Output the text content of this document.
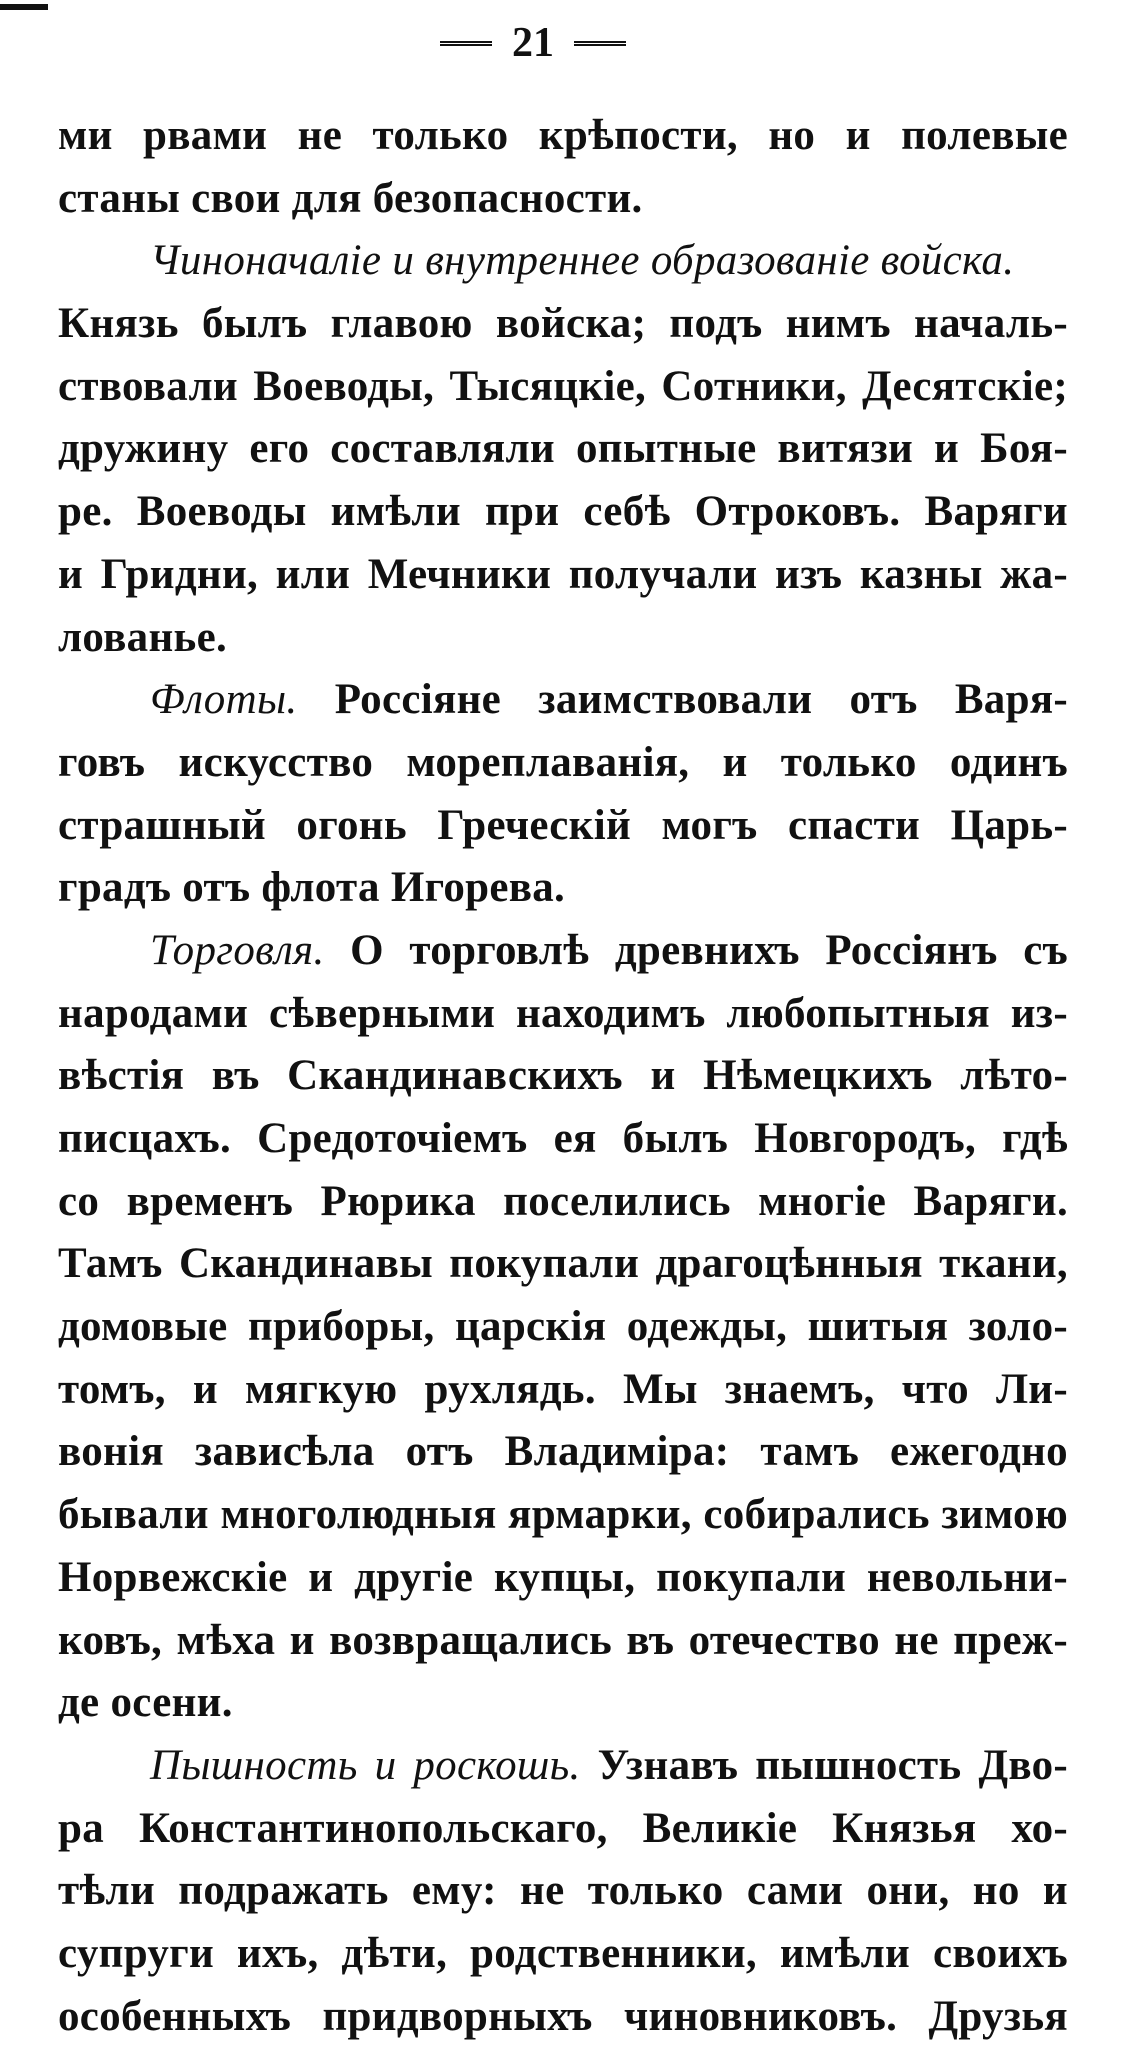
21
ми рвами не только крѣпости, но и полевые
станы свои для безопасности.
Чиноначаліе и внутреннее образованіе войска.
Князь былъ главою войска; подъ нимъ началь-
ствовали Воеводы, Тысяцкіе, Сотники, Десятскіе;
дружину его составляли опытные витязи и Боя-
ре. Воеводы имѣли при себѣ Отроковъ. Варяги
и Гридни, или Мечники получали изъ казны жа-
лованье.
Флоты. Россіяне заимствовали отъ Варя-
говъ искусство мореплаванія, и только одинъ
страшный огонь Греческій могъ спасти Царь-
градъ отъ флота Игорева.
Торговля. О торговлѣ древнихъ Россіянъ съ
народами сѣверными находимъ любопытныя из-
вѣстія въ Скандинавскихъ и Нѣмецкихъ лѣто-
писцахъ. Средоточіемъ ея былъ Новгородъ, гдѣ
со временъ Рюрика поселились многіе Варяги.
Тамъ Скандинавы покупали драгоцѣнныя ткани,
домовые приборы, царскія одежды, шитыя золо-
томъ, и мягкую рухлядь. Мы знаемъ, что Ли-
вонія зависѣла отъ Владиміра: тамъ ежегодно
бывали многолюдныя ярмарки, собирались зимою
Норвежскіе и другіе купцы, покупали невольни-
ковъ, мѣха и возвращались въ отечество не преж-
де осени.
Пышность и роскошь. Узнавъ пышность Дво-
ра Константинопольскаго, Великіе Князья хо-
тѣли подражать ему: не только сами они, но и
супруги ихъ, дѣти, родственники, имѣли своихъ
особенныхъ придворныхъ чиновниковъ. Друзья
